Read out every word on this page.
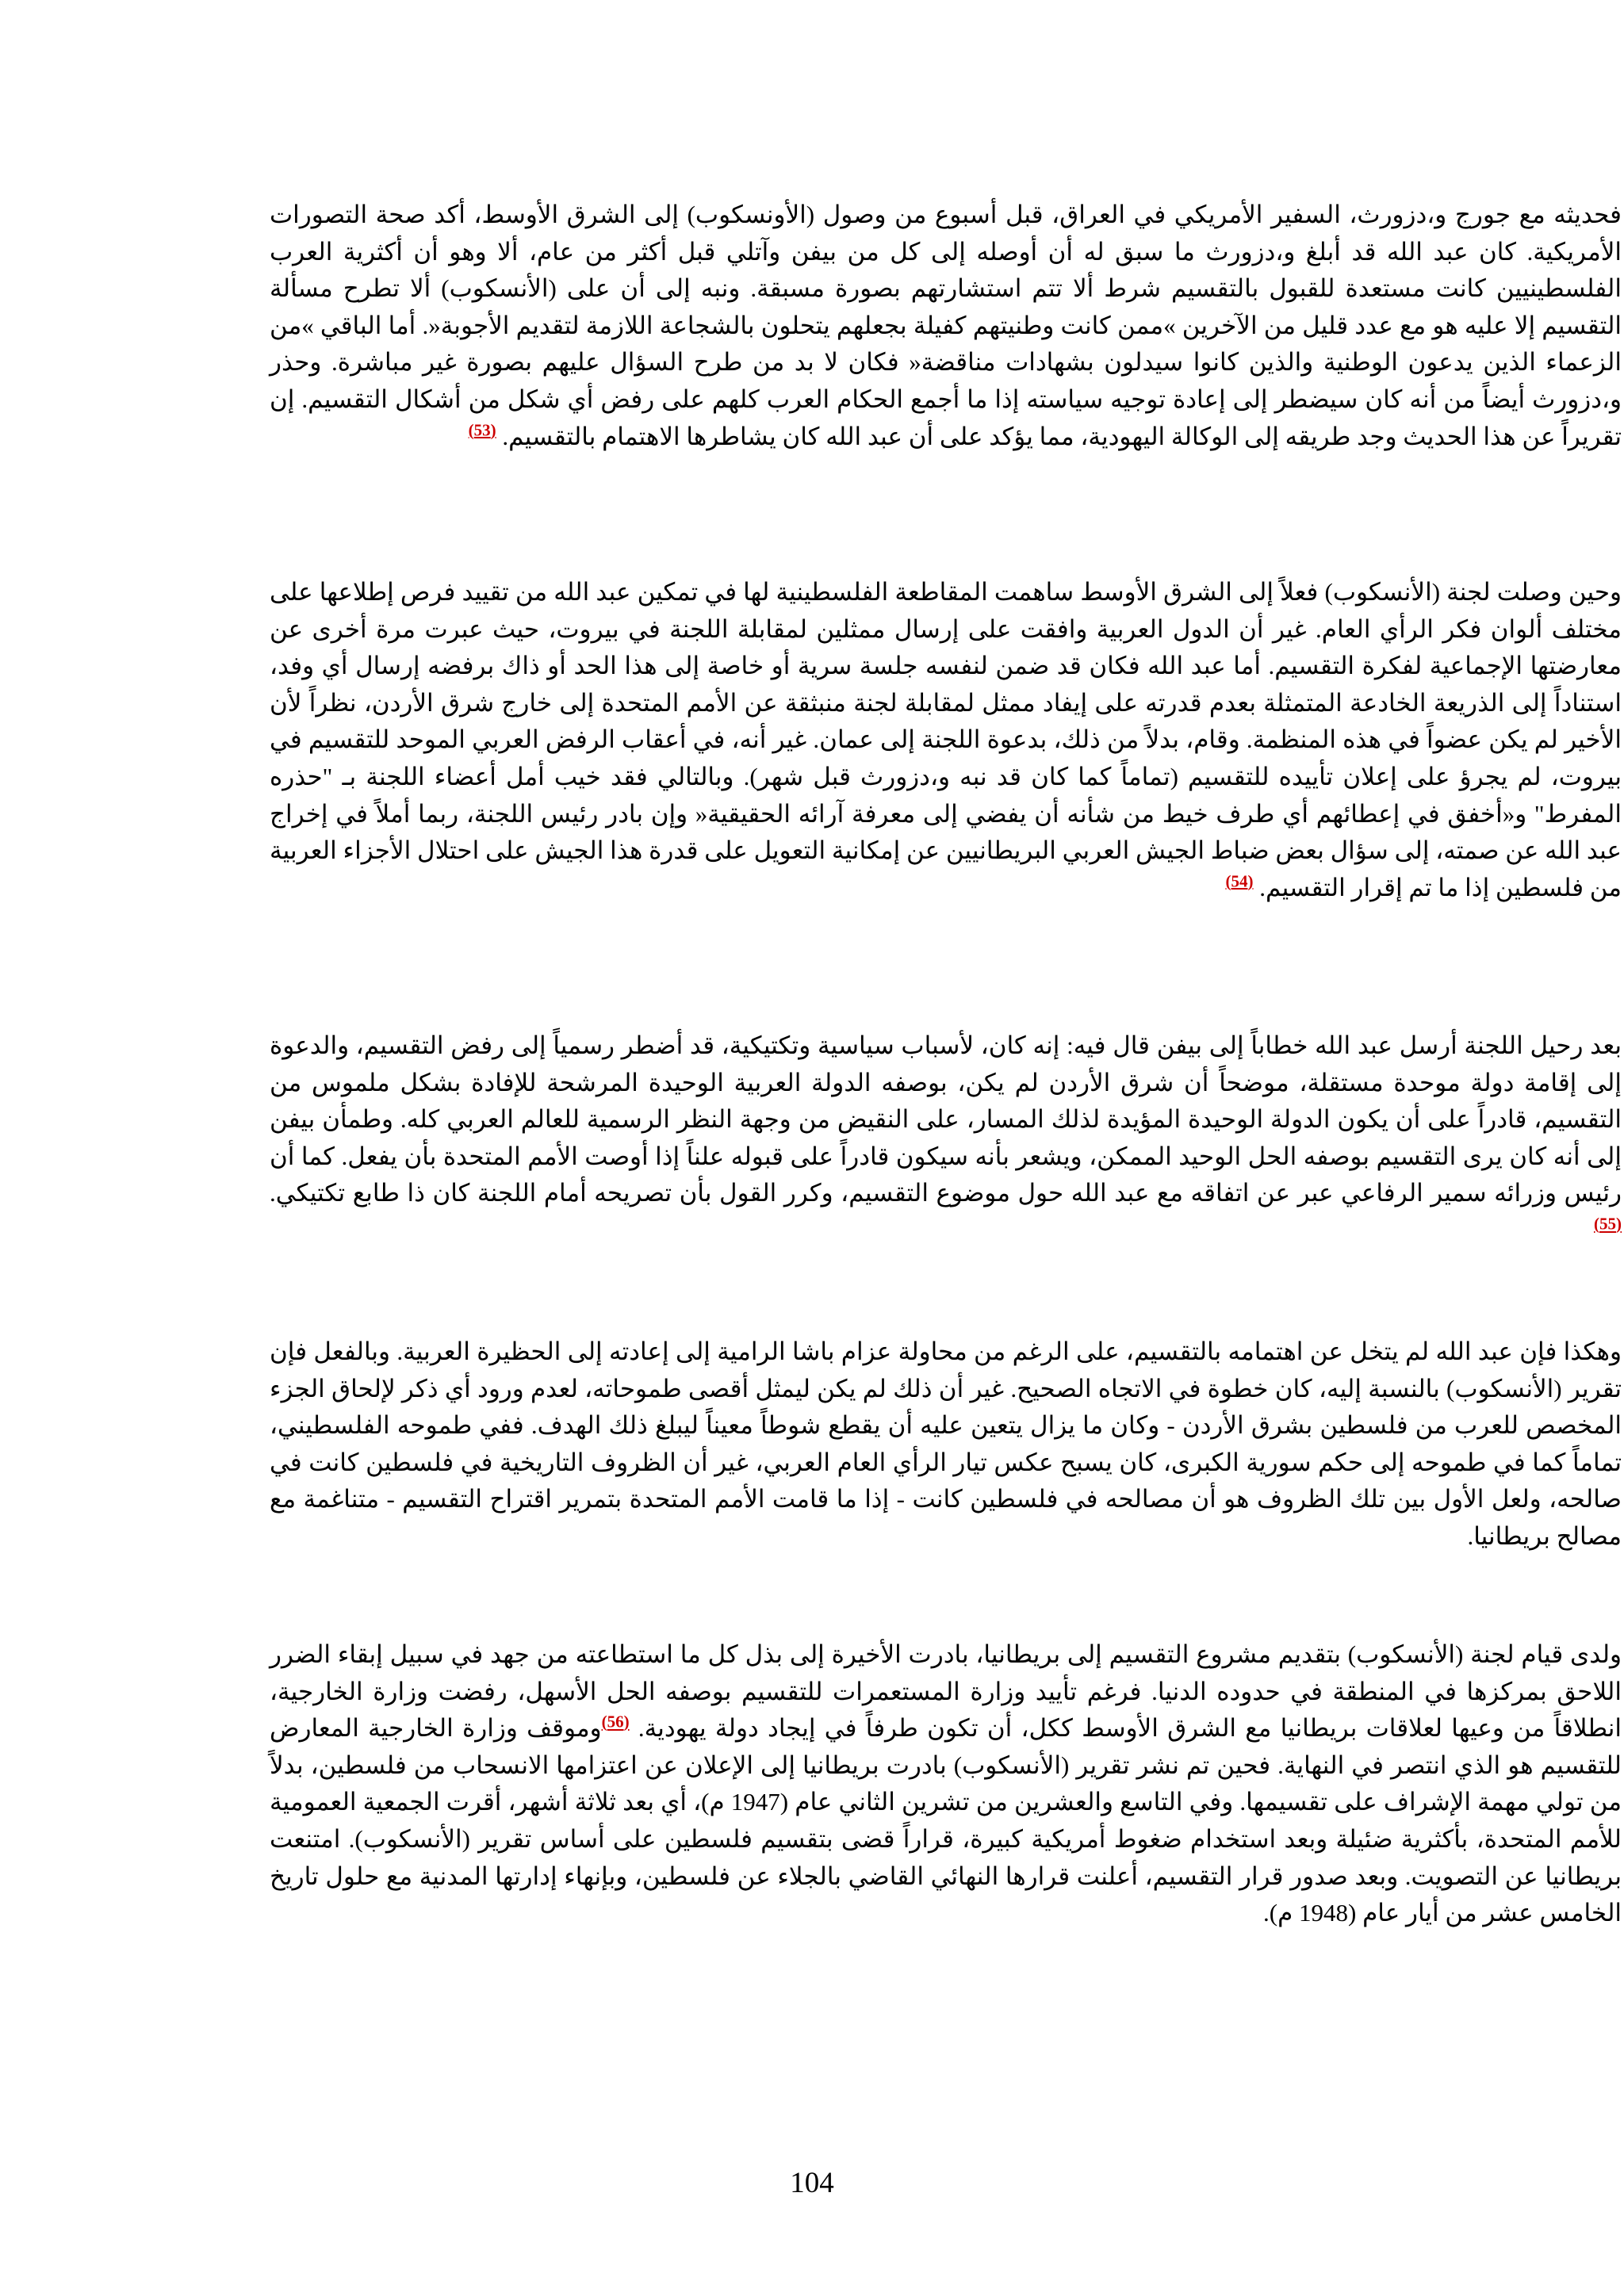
فحديثه مع جورج و،دزورث، السفير الأمريكي في العراق، قبل أسبوع من وصول (الأونسكوب) إلى الشرق الأوسط، أكد صحة التصورات الأمريكية. كان عبد الله قد أبلغ و،دزورث ما سبق له أن أوصله إلى كل من بيفن وآتلي قبل أكثر من عام، ألا وهو أن أكثرية العرب الفلسطينيين كانت مستعدة للقبول بالتقسيم شرط ألا تتم استشارتهم بصورة مسبقة. ونبه إلى أن على (الأنسكوب) ألا تطرح مسألة التقسيم إلا عليه هو مع عدد قليل من الآخرين »ممن كانت وطنيتهم كفيلة بجعلهم يتحلون بالشجاعة اللازمة لتقديم الأجوبة«. أما الباقي »من الزعماء الذين يدعون الوطنية والذين كانوا سيدلون بشهادات مناقضة« فكان لا بد من طرح السؤال عليهم بصورة غير مباشرة. وحذر و،دزورث أيضاً من أنه كان سيضطر إلى إعادة توجيه سياسته إذا ما أجمع الحكام العرب كلهم على رفض أي شكل من أشكال التقسيم. إن تقريراً عن هذا الحديث وجد طريقه إلى الوكالة اليهودية، مما يؤكد على أن عبد الله كان يشاطرها الاهتمام بالتقسيم. $^{(53)}$

وحين وصلت لجنة (الأنسكوب) فعلاً إلى الشرق الأوسط ساهمت المقاطعة الفلسطينية لها في تمكين عبد الله من تقييد فرص إطلاعها على مختلف ألوان فكر الرأي العام. غير أن الدول العربية وافقت على إرسال ممثلين لمقابلة اللجنة في بيروت، حيث عبرت مرة أخرى عن معارضتها الإجماعية لفكرة التقسيم. أما عبد الله فكان قد ضمن لنفسه جلسة سرية أو خاصة إلى هذا الحد أو ذاك برفضه إرسال أي وفد، استناداً إلى الذريعة الخادعة المتمثلة بعدم قدرته على إيفاد ممثل لمقابلة لجنة منبثقة عن الأمم المتحدة إلى خارج شرق الأردن، نظراً لأن الأخير لم يكن عضواً في هذه المنظمة. وقام، بدلاً من ذلك، بدعوة اللجنة إلى عمان. غير أنه، في أعقاب الرفض العربي الموحد للتقسيم في بيروت، لم يجرؤ على إعلان تأييده للتقسيم (تماماً كما كان قد نبه و،دزورث قبل شهر). وبالتالي فقد خيب أمل أعضاء اللجنة بـ "حذره المفرط" و«أخفق في إعطائهم أي طرف خيط من شأنه أن يفضي إلى معرفة آرائه الحقيقية« وإن بادر رئيس اللجنة، ربما أملاً في إخراج عبد الله عن صمته، إلى سؤال بعض ضباط الجيش العربي البريطانيين عن إمكانية التعويل على قدرة هذا الجيش على احتلال الأجزاء العربية من فلسطين إذا ما تم إقرار التقسيم. $^{(54)}$

بعد رحيل اللجنة أرسل عبد الله خطاباً إلى بيفن قال فيه: إنه كان، لأسباب سياسية وتكتيكية، قد أضطر رسمياً إلى رفض التقسيم، والدعوة إلى إقامة دولة موحدة مستقلة، موضحاً أن شرق الأردن لم يكن، بوصفه الدولة العربية الوحيدة المرشحة للإفادة بشكل ملموس من التقسيم، قادراً على أن يكون الدولة الوحيدة المؤيدة لذلك المسار، على النقيض من وجهة النظر الرسمية للعالم العربي كله. وطمأن بيفن إلى أنه كان يرى التقسيم بوصفه الحل الوحيد الممكن، ويشعر بأنه سيكون قادراً على قبوله علناً إذا أوصت الأمم المتحدة بأن يفعل. كما أن رئيس وزرائه سمير الرفاعي عبر عن اتفاقه مع عبد الله حول موضوع التقسيم، وكرر القول بأن تصريحه أمام اللجنة كان ذا طابع تكتيكي. $^{(55)}$

وهكذا فإن عبد الله لم يتخل عن اهتمامه بالتقسيم، على الرغم من محاولة عزام باشا الرامية إلى إعادته إلى الحظيرة العربية. وبالفعل فإن تقرير (الأنسكوب) بالنسبة إليه، كان خطوة في الاتجاه الصحيح. غير أن ذلك لم يكن ليمثل أقصى طموحاته، لعدم ورود أي ذكر لإلحاق الجزء المخصص للعرب من فلسطين بشرق الأردن - وكان ما يزال يتعين عليه أن يقطع شوطاً معيناً ليبلغ ذلك الهدف. ففي طموحه الفلسطيني، تماماً كما في طموحه إلى حكم سورية الكبرى، كان يسبح عكس تيار الرأي العام العربي، غير أن الظروف التاريخية في فلسطين كانت في صالحه، ولعل الأول بين تلك الظروف هو أن مصالحه في فلسطين كانت - إذا ما قامت الأمم المتحدة بتمرير اقتراح التقسيم - متناغمة مع مصالح بريطانيا.

ولدى قيام لجنة (الأنسكوب) بتقديم مشروع التقسيم إلى بريطانيا، بادرت الأخيرة إلى بذل كل ما استطاعته من جهد في سبيل إبقاء الضرر اللاحق بمركزها في المنطقة في حدوده الدنيا. فرغم تأييد وزارة المستعمرات للتقسيم بوصفه الحل الأسهل، رفضت وزارة الخارجية، انطلاقاً من وعيها لعلاقات بريطانيا مع الشرق الأوسط ككل، أن تكون طرفاً في إيجاد دولة يهودية. $^{(56)}$وموقف وزارة الخارجية المعارض للتقسيم هو الذي انتصر في النهاية. فحين تم نشر تقرير (الأنسكوب) بادرت بريطانيا إلى الإعلان عن اعتزامها الانسحاب من فلسطين، بدلاً من تولي مهمة الإشراف على تقسيمها. وفي التاسع والعشرين من تشرين الثاني عام (1947 م)، أي بعد ثلاثة أشهر، أقرت الجمعية العمومية للأمم المتحدة، بأكثرية ضئيلة وبعد استخدام ضغوط أمريكية كبيرة، قراراً قضى بتقسيم فلسطين على أساس تقرير (الأنسكوب). امتنعت بريطانيا عن التصويت. وبعد صدور قرار التقسيم، أعلنت قرارها النهائي القاضي بالجلاء عن فلسطين، وبإنهاء إدارتها المدنية مع حلول تاريخ الخامس عشر من أيار عام (1948 م).

104
